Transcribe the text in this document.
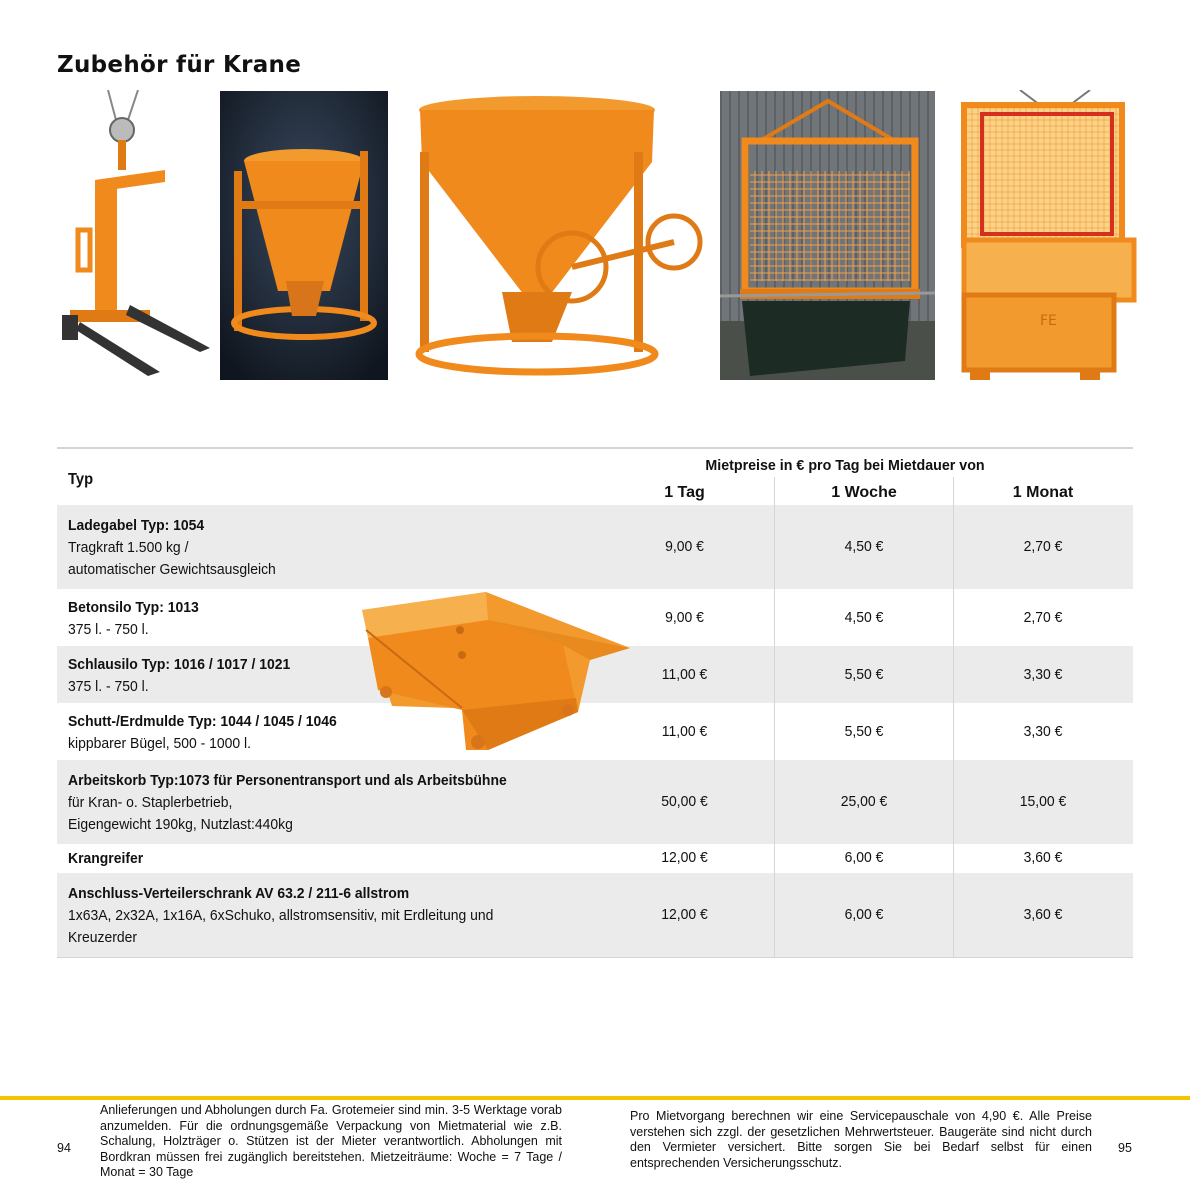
Zubehör für Krane
FE
Typ
Mietpreise in € pro Tag bei Mietdauer von
1 Tag	1 Woche	1 Monat
Ladegabel Typ: 1054
Tragkraft 1.500 kg /
automatischer Gewichtsausgleich
9,00 €	4,50 €	2,70 €
Betonsilo Typ: 1013
375 l. - 750 l.
9,00 €	4,50 €	2,70 €
Schlausilo Typ: 1016 / 1017 / 1021
375 l. - 750 l.
11,00 €	5,50 €	3,30 €
Schutt-/Erdmulde Typ: 1044 / 1045 / 1046
kippbarer Bügel, 500 - 1000 l.
11,00 €	5,50 €	3,30 €
Arbeitskorb Typ:1073 für Personentransport und als Arbeitsbühne
für Kran- o. Staplerbetrieb,
Eigengewicht 190kg, Nutzlast:440kg
50,00 €	25,00 €	15,00 €
Krangreifer	12,00 €	6,00 €	3,60 €
Anschluss-Verteilerschrank AV 63.2 / 211-6 allstrom
1x63A, 2x32A, 1x16A, 6xSchuko, allstromsensitiv, mit Erdleitung und
Kreuzerder
12,00 €	6,00 €	3,60 €
94
Anlieferungen und Abholungen durch Fa. Grotemeier sind min. 3-5 Werktage vorab anzumelden. Für die ordnungsgemäße Verpackung von Mietmaterial wie z.B. Schalung, Holzträger o. Stützen ist der Mieter verantwortlich. Abholungen mit Bordkran müssen frei zugänglich bereitstehen. Mietzeiträume: Woche = 7 Tage / Monat = 30 Tage
Pro Mietvorgang berechnen wir eine Servicepauschale von 4,90 €. Alle Preise verstehen sich zzgl. der gesetzlichen Mehrwertsteuer. Baugeräte sind nicht durch den Vermieter versichert. Bitte sorgen Sie bei Bedarf selbst für einen entsprechenden Versicherungsschutz.
95
